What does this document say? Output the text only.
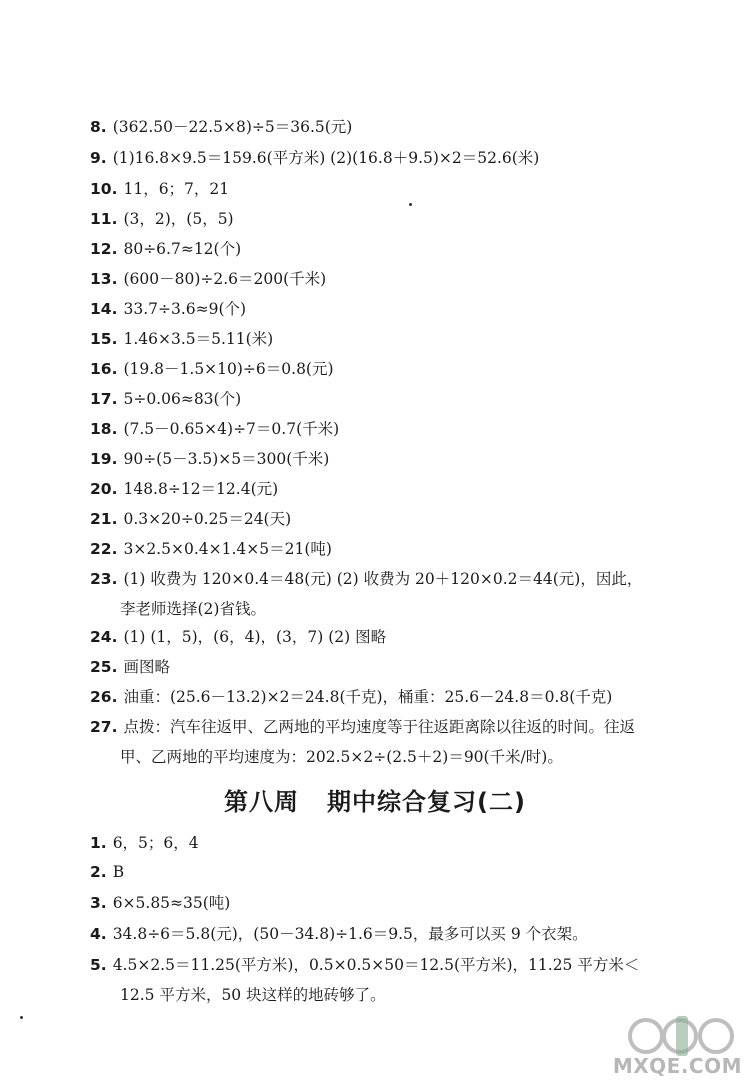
8. (362.50－22.5×8)÷5＝36.5(元)
9. (1)16.8×9.5＝159.6(平方米) (2)(16.8＋9.5)×2＝52.6(米)
10. 11，6；7，21
11. (3，2)，(5，5)
12. 80÷6.7≈12(个)
13. (600－80)÷2.6＝200(千米)
14. 33.7÷3.6≈9(个)
15. 1.46×3.5＝5.11(米)
16. (19.8－1.5×10)÷6＝0.8(元)
17. 5÷0.06≈83(个)
18. (7.5－0.65×4)÷7＝0.7(千米)
19. 90÷(5－3.5)×5＝300(千米)
20. 148.8÷12＝12.4(元)
21. 0.3×20÷0.25＝24(天)
22. 3×2.5×0.4×1.4×5＝21(吨)
23. (1) 收费为 120×0.4＝48(元) (2) 收费为 20＋120×0.2＝44(元)，因此，
李老师选择(2)省钱。
24. (1) (1，5)，(6，4)，(3，7) (2) 图略
25. 画图略
26. 油重：(25.6－13.2)×2＝24.8(千克)，桶重：25.6－24.8＝0.8(千克)
27. 点拨：汽车往返甲、乙两地的平均速度等于往返距离除以往返的时间。往返
甲、乙两地的平均速度为：202.5×2÷(2.5＋2)＝90(千米/时)。
第八周   期中综合复习(二)
1. 6，5；6，4
2. B
3. 6×5.85≈35(吨)
4. 34.8÷6＝5.8(元)，(50－34.8)÷1.6＝9.5，最多可以买 9 个衣架。
5. 4.5×2.5＝11.25(平方米)，0.5×0.5×50＝12.5(平方米)，11.25 平方米＜
12.5 平方米，50 块这样的地砖够了。
MXQE.COM
